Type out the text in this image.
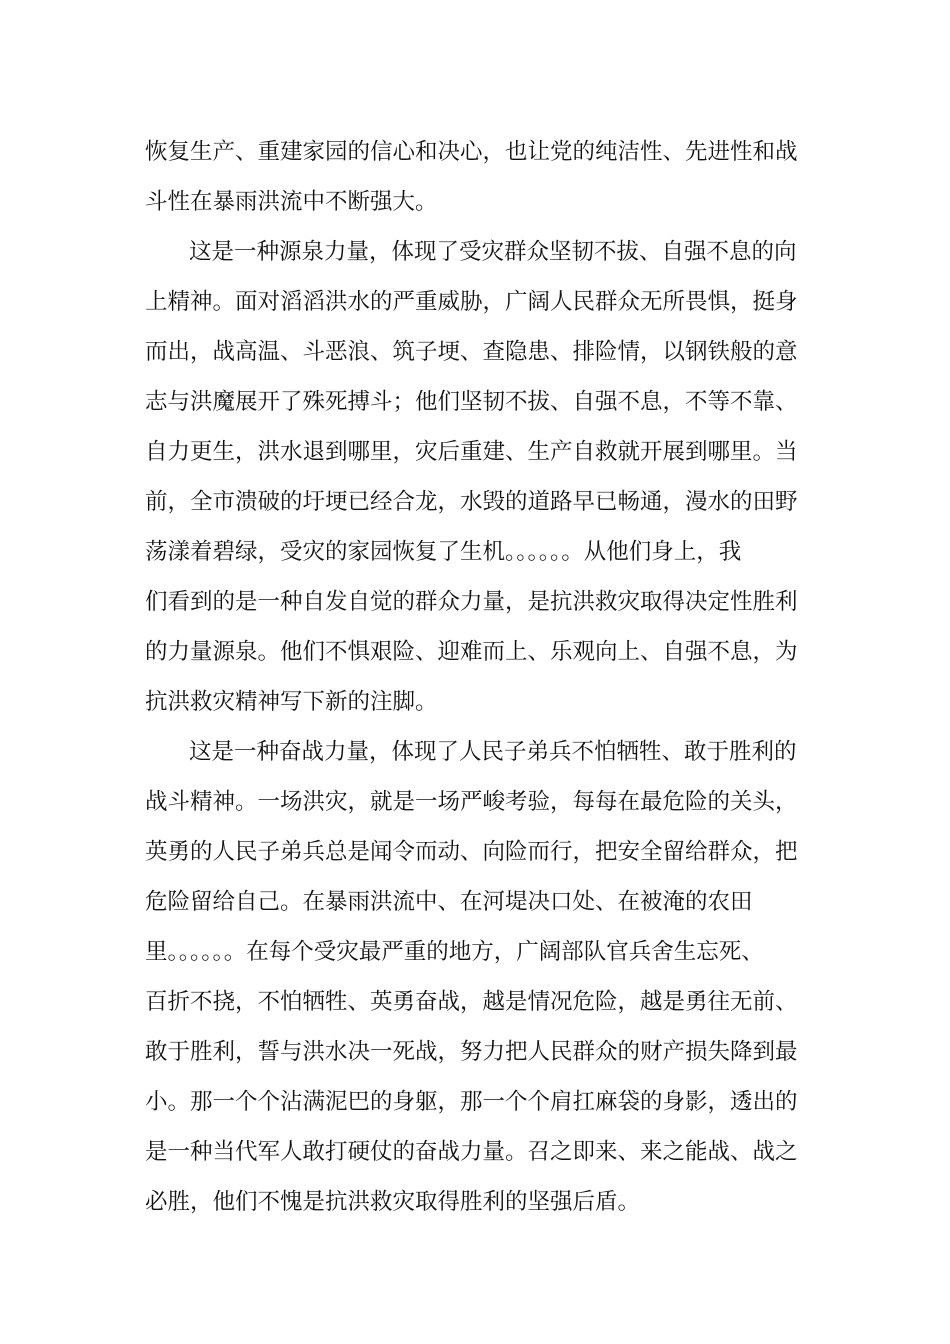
恢复生产、重建家园的信心和决心，也让党的纯洁性、先进性和战
斗性在暴雨洪流中不断强大。
这是一种源泉力量，体现了受灾群众坚韧不拔、自强不息的向
上精神。面对滔滔洪水的严重威胁，广阔人民群众无所畏惧，挺身
而出，战高温、斗恶浪、筑子埂、查隐患、排险情，以钢铁般的意
志与洪魔展开了殊死搏斗；他们坚韧不拔、自强不息，不等不靠、
自力更生，洪水退到哪里，灾后重建、生产自救就开展到哪里。当
前，全市溃破的圩埂已经合龙，水毁的道路早已畅通，漫水的田野
荡漾着碧绿，受灾的家园恢复了生机。。。。。。从他们身上，我
们看到的是一种自发自觉的群众力量，是抗洪救灾取得决定性胜利
的力量源泉。他们不惧艰险、迎难而上、乐观向上、自强不息，为
抗洪救灾精神写下新的注脚。
这是一种奋战力量，体现了人民子弟兵不怕牺牲、敢于胜利的
战斗精神。一场洪灾，就是一场严峻考验，每每在最危险的关头，
英勇的人民子弟兵总是闻令而动、向险而行，把安全留给群众，把
危险留给自己。在暴雨洪流中、在河堤决口处、在被淹的农田
里。。。。。。在每个受灾最严重的地方，广阔部队官兵舍生忘死、
百折不挠，不怕牺牲、英勇奋战，越是情况危险，越是勇往无前、
敢于胜利，誓与洪水决一死战，努力把人民群众的财产损失降到最
小。那一个个沾满泥巴的身躯，那一个个肩扛麻袋的身影，透出的
是一种当代军人敢打硬仗的奋战力量。召之即来、来之能战、战之
必胜，他们不愧是抗洪救灾取得胜利的坚强后盾。
